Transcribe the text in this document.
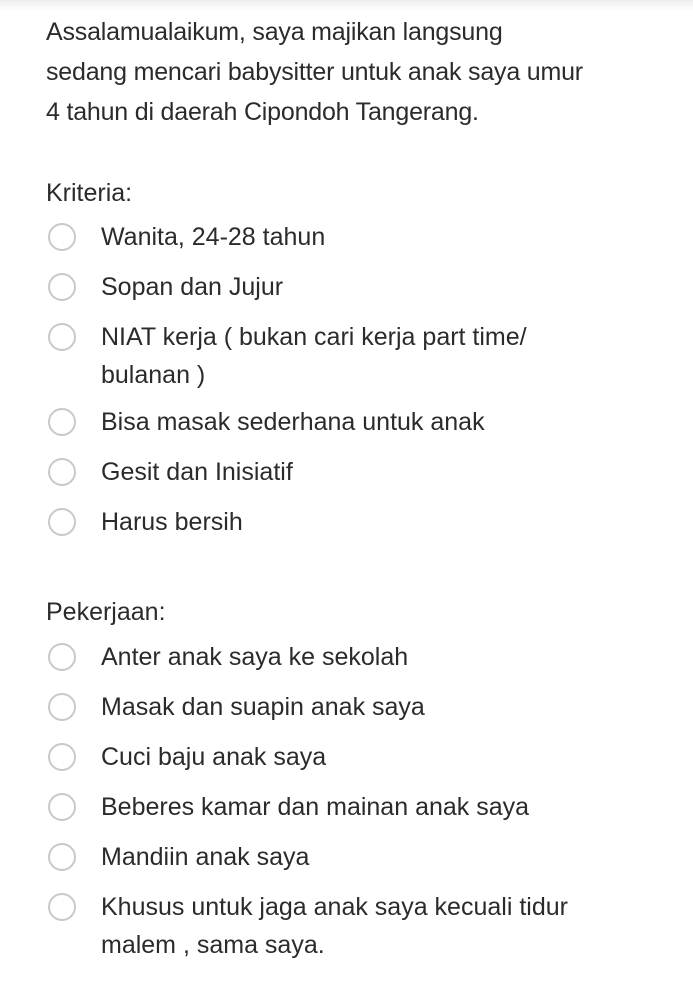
Assalamualaikum, saya majikan langsung
sedang mencari babysitter untuk anak saya umur
4 tahun di daerah Cipondoh Tangerang.
Kriteria:
Wanita, 24-28 tahun
Sopan dan Jujur
NIAT kerja ( bukan cari kerja part time/ bulanan )
Bisa masak sederhana untuk anak
Gesit dan Inisiatif
Harus bersih
Pekerjaan:
Anter anak saya ke sekolah
Masak dan suapin anak saya
Cuci baju anak saya
Beberes kamar dan mainan anak saya
Mandiin anak saya
Khusus untuk jaga anak saya kecuali tidur malem , sama saya.
